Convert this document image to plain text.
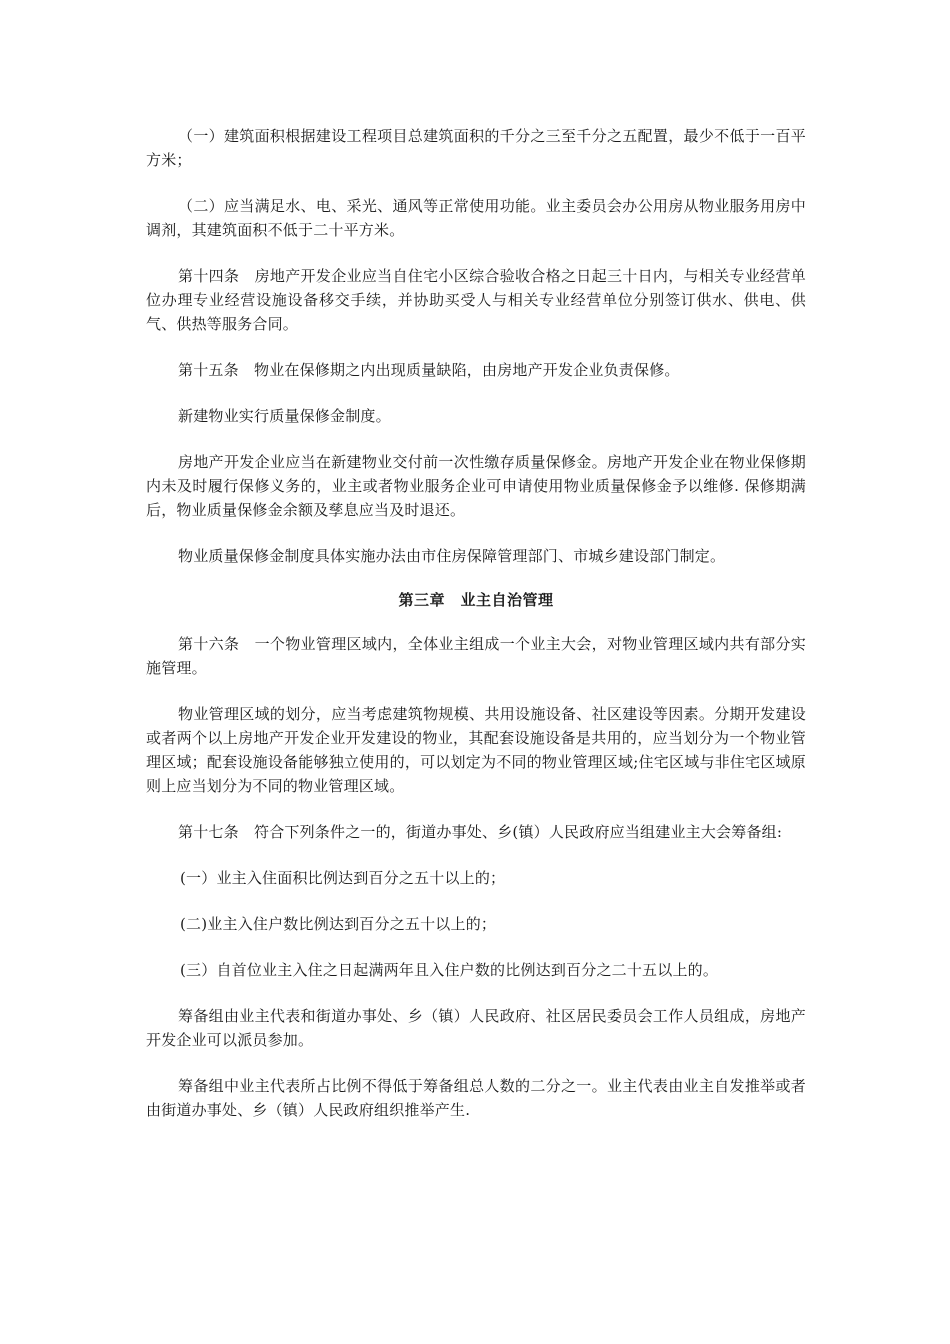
（一）建筑面积根据建设工程项目总建筑面积的千分之三至千分之五配置，最少不低于一百平方米；

（二）应当满足水、电、采光、通风等正常使用功能。业主委员会办公用房从物业服务用房中调剂，其建筑面积不低于二十平方米。

第十四条　房地产开发企业应当自住宅小区综合验收合格之日起三十日内，与相关专业经营单位办理专业经营设施设备移交手续，并协助买受人与相关专业经营单位分别签订供水、供电、供气、供热等服务合同。

第十五条　物业在保修期之内出现质量缺陷，由房地产开发企业负责保修。

新建物业实行质量保修金制度。

房地产开发企业应当在新建物业交付前一次性缴存质量保修金。房地产开发企业在物业保修期内未及时履行保修义务的，业主或者物业服务企业可申请使用物业质量保修金予以维修. 保修期满后，物业质量保修金余额及孳息应当及时退还。

物业质量保修金制度具体实施办法由市住房保障管理部门、市城乡建设部门制定。

第三章　业主自治管理

第十六条　一个物业管理区域内，全体业主组成一个业主大会，对物业管理区域内共有部分实施管理。

物业管理区域的划分，应当考虑建筑物规模、共用设施设备、社区建设等因素。分期开发建设或者两个以上房地产开发企业开发建设的物业，其配套设施设备是共用的，应当划分为一个物业管理区域；配套设施设备能够独立使用的，可以划定为不同的物业管理区域;住宅区域与非住宅区域原则上应当划分为不同的物业管理区域。

第十七条　符合下列条件之一的，街道办事处、乡(镇）人民政府应当组建业主大会筹备组:

(一）业主入住面积比例达到百分之五十以上的；

(二)业主入住户数比例达到百分之五十以上的；

(三）自首位业主入住之日起满两年且入住户数的比例达到百分之二十五以上的。

筹备组由业主代表和街道办事处、乡（镇）人民政府、社区居民委员会工作人员组成，房地产开发企业可以派员参加。

筹备组中业主代表所占比例不得低于筹备组总人数的二分之一。业主代表由业主自发推举或者由街道办事处、乡（镇）人民政府组织推举产生.
